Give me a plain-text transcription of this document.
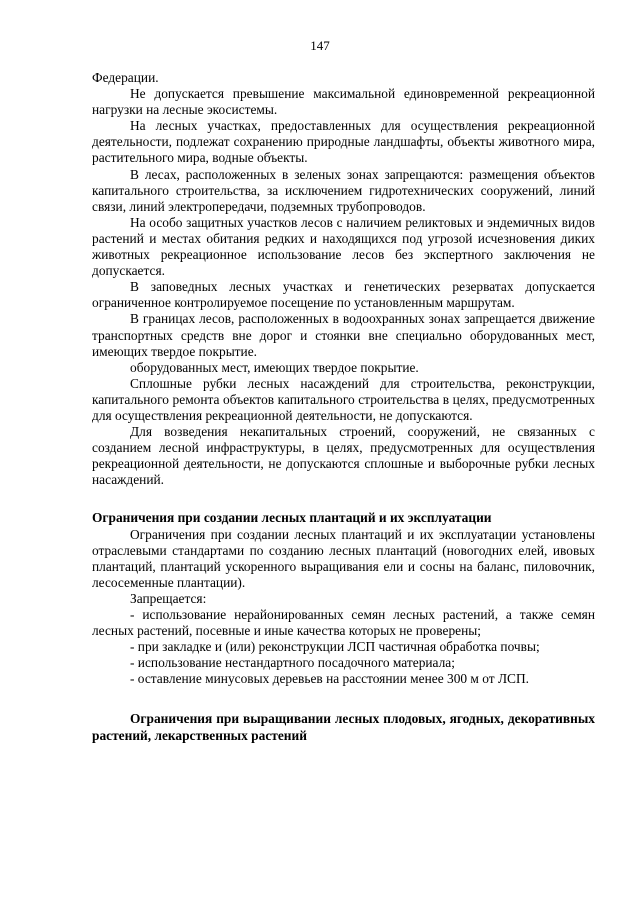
147

Федерации.

Не допускается превышение максимальной единовременной рекреационной нагрузки на лесные экосистемы.

На лесных участках, предоставленных для осуществления рекреационной деятельности, подлежат сохранению природные ландшафты, объекты животного мира, растительного мира, водные объекты.

В лесах, расположенных в зеленых зонах запрещаются: размещения объектов капитального строительства, за исключением гидротехнических сооружений, линий связи, линий электропередачи, подземных трубопроводов.

На особо защитных участков лесов с наличием реликтовых и эндемичных видов растений и местах обитания редких и находящихся под угрозой исчезновения диких животных рекреационное использование лесов без экспертного заключения не допускается.

В заповедных лесных участках и генетических резерватах допускается ограниченное контролируемое посещение по установленным маршрутам.

В границах лесов, расположенных в водоохранных зонах запрещается движение транспортных средств вне дорог и стоянки вне специально оборудованных мест, имеющих твердое покрытие.

оборудованных мест, имеющих твердое покрытие.

Сплошные рубки лесных насаждений для строительства, реконструкции, капитального ремонта объектов капитального строительства в целях, предусмотренных для осуществления рекреационной деятельности, не допускаются.

Для возведения некапитальных строений, сооружений, не связанных с созданием лесной инфраструктуры, в целях, предусмотренных для осуществления рекреационной деятельности, не допускаются сплошные и выборочные рубки лесных насаждений.

Ограничения при создании лесных плантаций и их эксплуатации

Ограничения при создании лесных плантаций и их эксплуатации установлены отраслевыми стандартами по созданию лесных плантаций (новогодних елей, ивовых плантаций, плантаций ускоренного выращивания ели и сосны на баланс, пиловочник, лесосеменные плантации).

Запрещается:

- использование нерайонированных семян лесных растений, а также семян лесных растений, посевные и иные качества которых не проверены;

- при закладке и (или) реконструкции ЛСП частичная обработка почвы;

- использование нестандартного посадочного материала;

- оставление минусовых деревьев на расстоянии менее 300 м от ЛСП.

Ограничения при выращивании лесных плодовых, ягодных, декоративных растений, лекарственных растений
